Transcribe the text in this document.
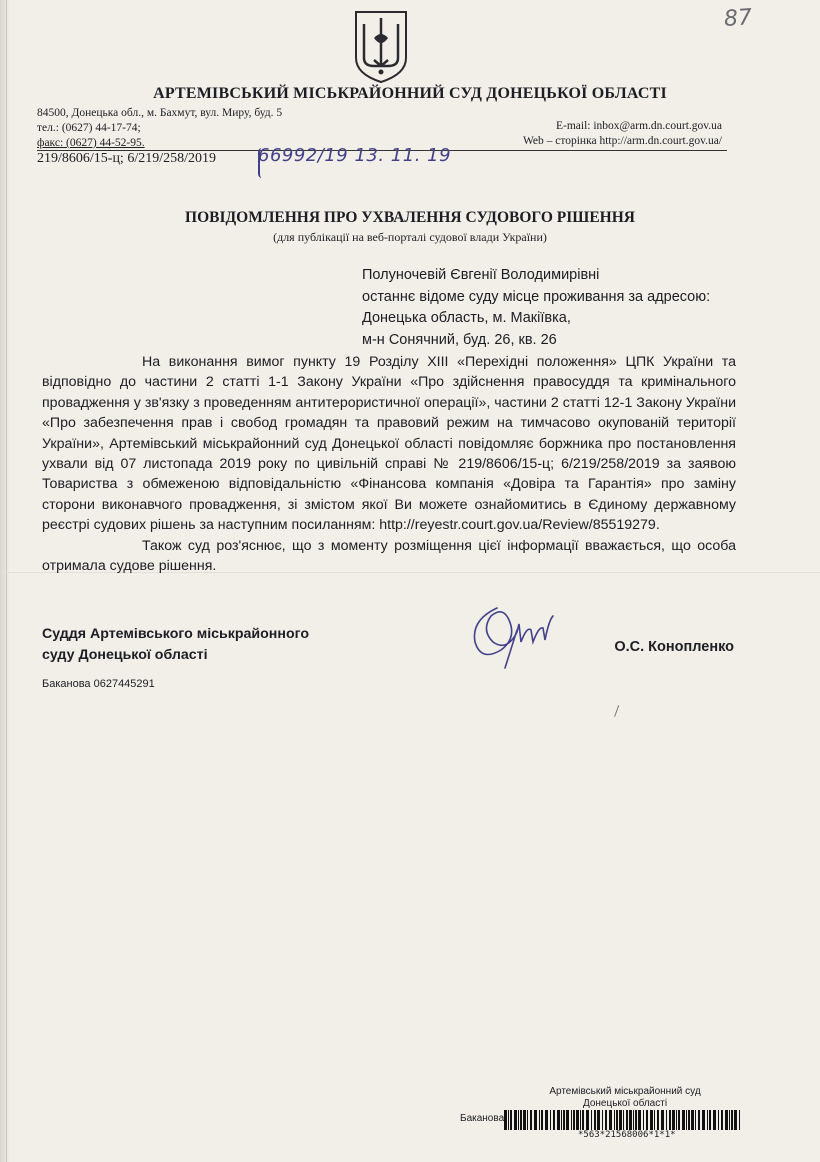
87
АРТЕМІВСЬКИЙ МІСЬКРАЙОННИЙ СУД ДОНЕЦЬКОЇ ОБЛАСТІ
84500, Донецька обл., м. Бахмут, вул. Миру, буд. 5
тел.: (0627) 44-17-74;
факс: (0627) 44-52-95.
E-mail: inbox@arm.dn.court.gov.ua
Web – сторінка http://arm.dn.court.gov.ua/
219/8606/15-ц; 6/219/258/2019 66992/19 13. 11. 19
ПОВІДОМЛЕННЯ ПРО УХВАЛЕННЯ СУДОВОГО РІШЕННЯ
(для публікації на веб-порталі судової влади України)
Полуночевій Євгенії Володимирівні
останнє відоме суду місце проживання за адресою:
Донецька область, м. Макіївка,
м-н Сонячний, буд. 26, кв. 26

На виконання вимог пункту 19 Розділу XIII «Перехідні положення» ЦПК України та відповідно до частини 2 статті 1-1 Закону України «Про здійснення правосуддя та кримінального провадження у зв'язку з проведенням антитерористичної операції», частини 2 статті 12-1 Закону України «Про забезпечення прав і свобод громадян та правовий режим на тимчасово окупованій території України», Артемівський міськрайонний суд Донецької області повідомляє боржника про постановлення ухвали від 07 листопада 2019 року по цивільній справі № 219/8606/15-ц; 6/219/258/2019 за заявою Товариства з обмеженою відповідальністю «Фінансова компанія «Довіра та Гарантія» про заміну сторони виконавчого провадження, зі змістом якої Ви можете ознайомитись в Єдиному державному реєстрі судових рішень за наступним посиланням: http://reyestr.court.gov.ua/Review/85519279.

Також суд роз'яснює, що з моменту розміщення цієї інформації вважається, що особа отримала судове рішення.

Суддя Артемівського міськрайонного
суду Донецької області	О.С. Конопленко
Баканова 0627445291
Артемівський міськрайонний суд
Донецької області
Баканова
*563*21568006*1*1*
